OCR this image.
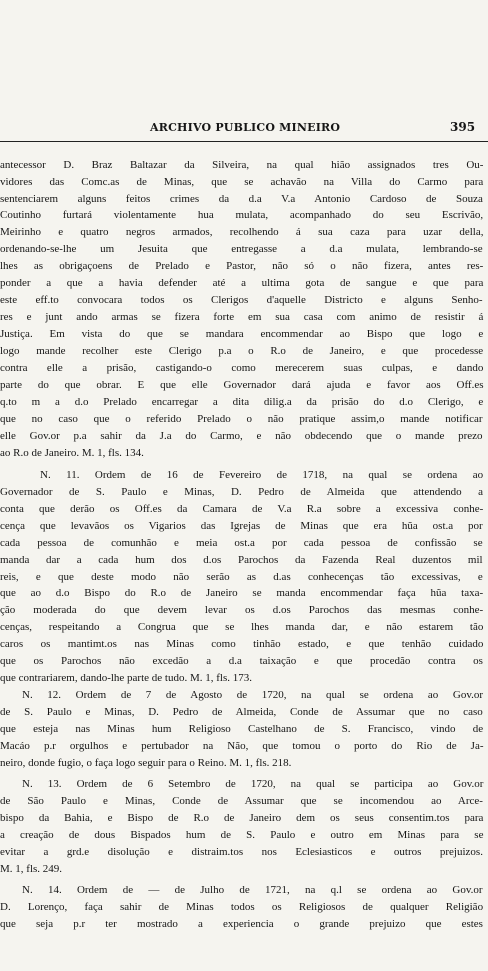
ARCHIVO PUBLICO MINEIRO	395
antecessor D. Braz Baltazar da Silveira, na qual hião assignados tres Ou-
vidores das Comc.as de Minas, que se achavão na Villa do Carmo para
sentenciarem alguns feitos crimes da d.a V.a Antonio Cardoso de Souza
Coutinho furtará violentamente hua mulata, acompanhado do seu Escrivão,
Meirinho e quatro negros armados, recolhendo á sua caza para uzar della,
ordenando-se-lhe um Jesuita que entregasse a d.a mulata, lembrando-se
lhes as obrigaçoens de Prelado e Pastor, não só o não fizera, antes res-
ponder a que a havia defender até a ultima gota de sangue e que para
este eff.to convocara todos os Clerigos d'aquelle Districto e alguns Senho-
res e junt ando armas se fizera forte em sua casa com animo de resistir á
Justiça. Em vista do que se mandara encommendar ao Bispo que logo e
logo mande recolher este Clerigo p.a o R.o de Janeiro, e que procedesse
contra elle a prisão, castigando-o como merecerem suas culpas, e dando
parte do que obrar. E que elle Governador dará ajuda e favor aos Off.es
q.to m a d.o Prelado encarregar a dita dilig.a da prisão do d.o Clerigo, e
que no caso que o referido Prelado o não pratique assim,o mande notificar
elle Gov.or p.a sahir da J.a do Carmo, e não obdecendo que o mande prezo
ao R.o de Janeiro. M. 1, fls. 134.
N. 11. Ordem de 16 de Fevereiro de 1718, na qual se ordena ao
Governador de S. Paulo e Minas, D. Pedro de Almeida que attendendo a
conta que derão os Off.es da Camara de V.a R.a sobre a excessiva conhe-
cença que levavãos os Vigarios das Igrejas de Minas que era hũa ost.a por
cada pessoa de comunhão e meia ost.a por cada pessoa de confissão se
manda dar a cada hum dos d.os Parochos da Fazenda Real duzentos mil
reis, e que deste modo não serão as d.as conhecenças tão excessivas, e
que ao d.o Bispo do R.o de Janeiro se manda encommendar faça hũa taxa-
ção moderada do que devem levar os d.os Parochos das mesmas conhe-
cenças, respeitando a Congrua que se lhes manda dar, e não estarem tão
caros os mantimt.os nas Minas como tinhão estado, e que tenhão cuidado
que os Parochos não excedão a d.a taixação e que procedão contra os
que contrariarem, dando-lhe parte de tudo. M. 1, fls. 173.
N. 12. Ordem de 7 de Agosto de 1720, na qual se ordena ao Gov.or
de S. Paulo e Minas, D. Pedro de Almeida, Conde de Assumar que no caso
que esteja nas Minas hum Religioso Castelhano de S. Francisco, vindo de
Macáo p.r orgulhos e pertubador na Não, que tomou o porto do Rio de Ja-
neiro, donde fugio, o faça logo seguir para o Reino. M. 1, fls. 218.
N. 13. Ordem de 6 Setembro de 1720, na qual se participa ao Gov.or
de São Paulo e Minas, Conde de Assumar que se incomendou ao Arce-
bispo da Bahia, e Bispo de R.o de Janeiro dem os seus consentim.tos para
a creação de dous Bispados hum de S. Paulo e outro em Minas para se
evitar a grd.e disolução e distraim.tos nos Eclesiasticos e outros prejuizos.
M. 1, fls. 249.
N. 14. Ordem de — de Julho de 1721, na q.l se ordena ao Gov.or
D. Lorenço, faça sahir de Minas todos os Religiosos de qualquer Religião
que seja p.r ter mostrado a experiencia o grande prejuizo que estes
